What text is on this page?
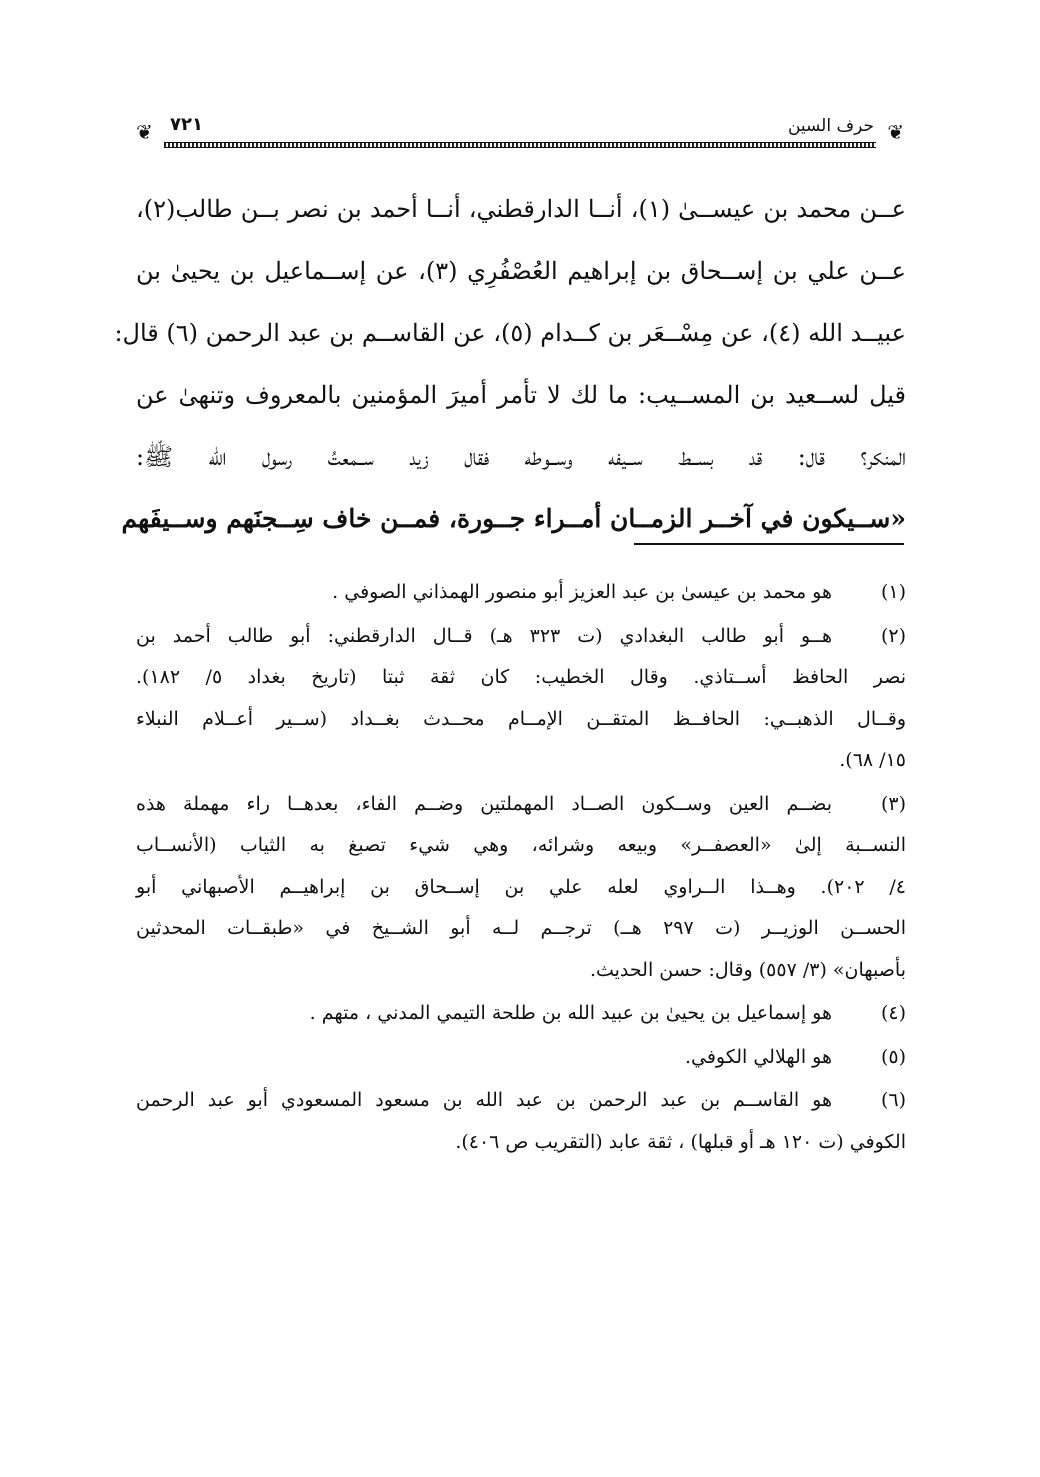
❦
حرف السين
٧٢١
❦
عــن محمد بن عيســىٰ (١)، أنــا الدارقطني، أنــا أحمد بن نصر بــن طالب(٢)،
عــن علي بن إســحاق بن إبراهيم العُصْفُرِي (٣)، عن إســماعيل بن يحيىٰ بن
عبيــد الله (٤)، عن مِسْــعَر بن كــدام (٥)، عن القاســم بن عبد الرحمن (٦) قال:
قيل لســعيد بن المســيب: ما لك لا تأمر أميرَ المؤمنين بالمعروف وتنهىٰ عن
المنكر؟ قال: قد بســط ســيفه وســوطه فقال زيد ســمعتُ رسول الله ﷺ:
«ســيكون في آخــر الزمــان أمــراء جــورة، فمــن خاف سِــجنَهم وســيفَهم
(١)
هو محمد بن عيسىٰ بن عبد العزيز أبو منصور الهمذاني الصوفي .
(٢)
هــو أبو طالب البغدادي (ت ٣٢٣ هـ) قــال الدارقطني: أبو طالب أحمد بن
نصر الحافظ أســتاذي. وقال الخطيب: كان ثقة ثبتا (تاريخ بغداد ٥/ ١٨٢).
وقــال الذهبــي: الحافــظ المتقــن الإمــام محــدث بغــداد (ســير أعــلام النبلاء
١٥/ ٦٨).
(٣)
بضــم العين وســكون الصــاد المهملتين وضــم الفاء، بعدهــا راء مهملة هذه
النســبة إلىٰ «العصفــر» وبيعه وشرائه، وهي شيء تصبغ به الثياب (الأنســاب
٤/ ٢٠٢). وهــذا الــراوي لعله علي بن إســحاق بن إبراهيــم الأصبهاني أبو
الحســن الوزيــر (ت ٢٩٧ هــ) ترجــم لــه أبو الشــيخ في «طبقــات المحدثين
بأصبهان» (٣/ ٥٥٧) وقال: حسن الحديث.
(٤)
هو إسماعيل بن يحيىٰ بن عبيد الله بن طلحة التيمي المدني ، متهم .
(٥)
هو الهلالي الكوفي.
(٦)
هو القاســم بن عبد الرحمن بن عبد الله بن مسعود المسعودي أبو عبد الرحمن
الكوفي (ت ١٢٠ هـ أو قبلها) ، ثقة عابد (التقريب ص ٤٠٦).
